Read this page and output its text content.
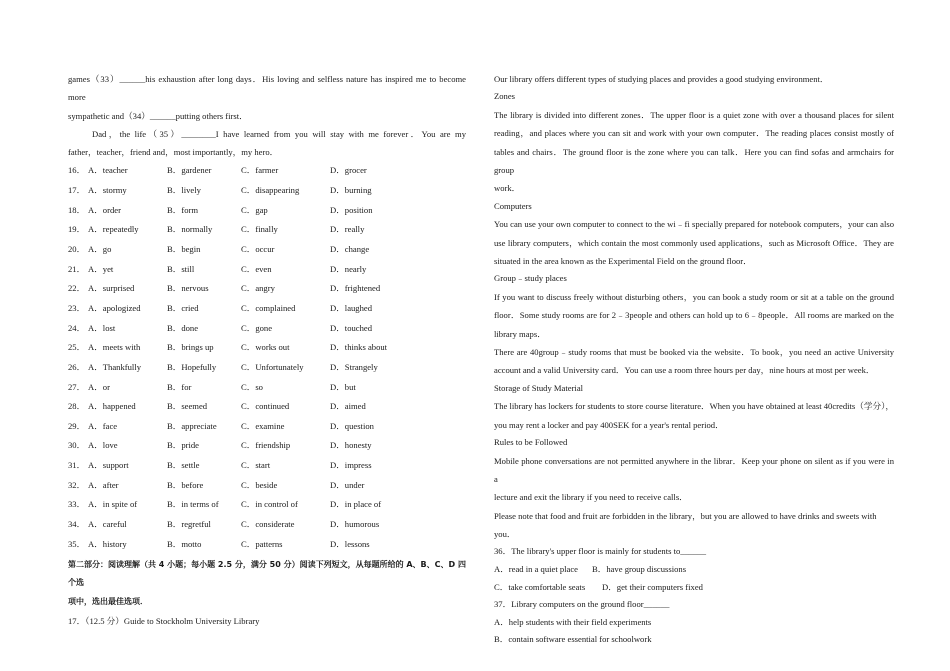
games（33）______his exhaustion after long days．His loving and selfless nature has inspired me to become more

sympathetic and（34）______putting others first．

Dad，the life（35）________I have learned from you will stay with me forever．You are my

father，teacher，friend and，most importantly，my hero．

16． A．teacher	B．gardener	C．farmer	D．grocer
17． A．stormy	B．lively	C．disappearing	D．burning
18． A．order	B．form	C．gap	D．position
19． A．repeatedly	B．normally	C．finally	D．really
20． A．go	B．begin	C．occur	D．change
21． A．yet	B．still	C．even	D．nearly
22． A．surprised	B．nervous	C．angry	D．frightened
23． A．apologized	B．cried	C．complained	D．laughed
24． A．lost	B．done	C．gone	D．touched
25． A．meets with	B．brings up	C．works out	D．thinks about
26． A．Thankfully	B．Hopefully	C．Unfortunately	D．Strangely
27． A．or	B．for	C．so	D．but
28． A．happened	B．seemed	C．continued	D．aimed
29． A．face	B．appreciate	C．examine	D．question
30． A．love	B．pride	C．friendship	D．honesty
31． A．support	B．settle	C．start	D．impress
32． A．after	B．before	C．beside	D．under
33． A．in spite of	B．in terms of	C．in control of	D．in place of
34． A．careful	B．regretful	C．considerate	D．humorous
35． A．history	B．motto	C．patterns	D．lessons
第二部分：阅读理解（共 4 小题；每小题 2.5 分，满分 50 分）阅读下列短文，从每题所给的 A、B、C、D 四个选
项中，选出最佳选项．
17．（12.5 分）Guide to Stockholm University Library

Our library offers different types of studying places and provides a good studying environment．

Zones

The library is divided into different zones．The upper floor is a quiet zone with over a thousand places for silent

reading，and places where you can sit and work with your own computer．The reading places consist mostly of

tables and chairs．The ground floor is the zone where you can talk．Here you can find sofas and armchairs for group

work．

Computers

You can use your own computer to connect to the wi﹣fi specially prepared for notebook computers，your can also

use library computers，which contain the most commonly used applications，such as Microsoft Office．They are

situated in the area known as the Experimental Field on the ground floor．

Group﹣study places

If you want to discuss freely without disturbing others，you can book a study room or sit at a table on the ground

floor．Some study rooms are for 2﹣3people and others can hold up to 6﹣8people．All rooms are marked on the

library maps．

There are 40group﹣study rooms that must be booked via the website．To book，you need an active University

account and a valid University card．You can use a room three hours per day，nine hours at most per week．

Storage of Study Material

The library has lockers for students to store course literature．When you have obtained at least 40credits（学分），

you may rent a locker and pay 400SEK for a year's rental period．

Rules to be Followed

Mobile phone conversations are not permitted anywhere in the librar．Keep your phone on silent as if you were in a

lecture and exit the library if you need to receive calls．

Please note that food and fruit are forbidden in the library，but you are allowed to have drinks and sweets with you．

36．The library's upper floor is mainly for students to______
A．read in a quiet place B．have group discussions
C．take comfortable seats D．get their computers fixed
37．Library computers on the ground floor______
A．help students with their field experiments
B．contain software essential for schoolwork
